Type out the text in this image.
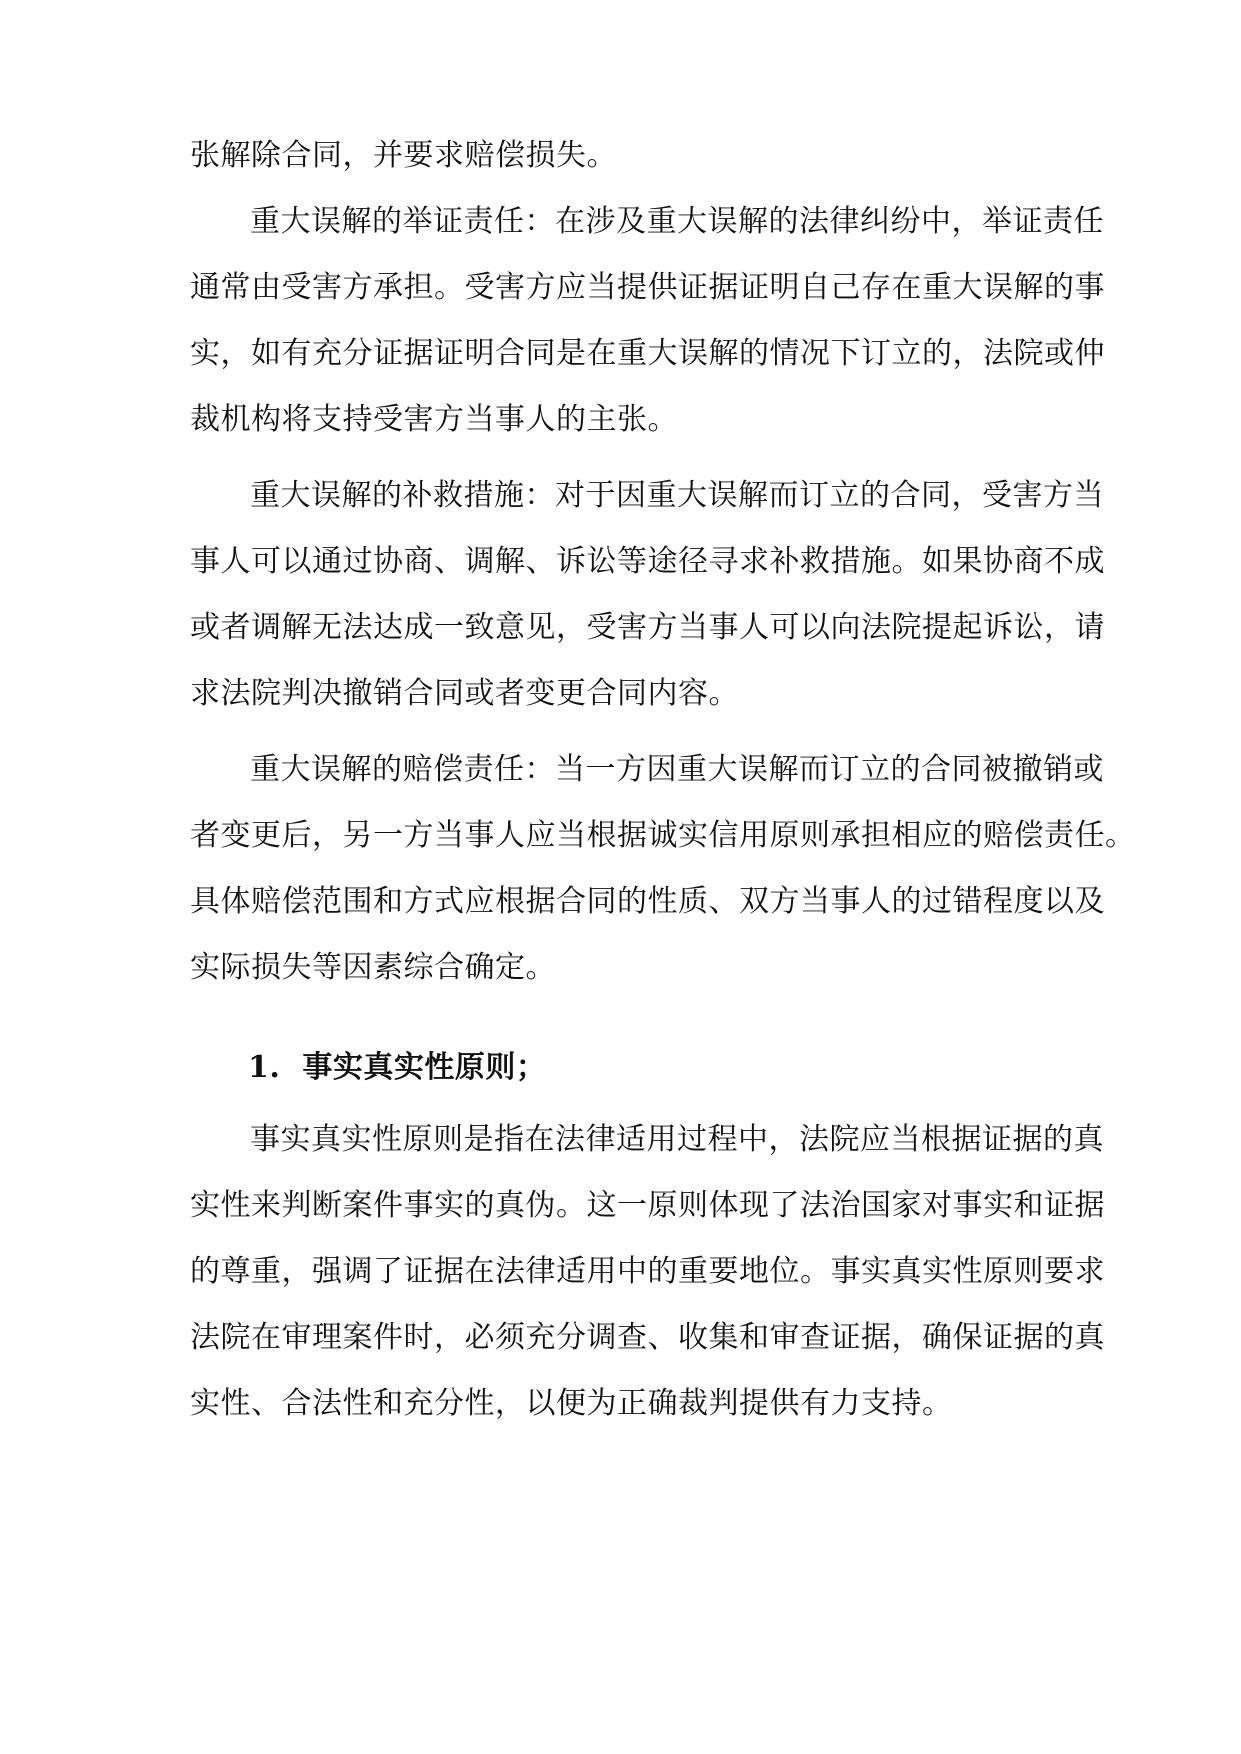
张解除合同，并要求赔偿损失。
重大误解的举证责任：在涉及重大误解的法律纠纷中，举证责任
通常由受害方承担。受害方应当提供证据证明自己存在重大误解的事
实，如有充分证据证明合同是在重大误解的情况下订立的，法院或仲
裁机构将支持受害方当事人的主张。
重大误解的补救措施：对于因重大误解而订立的合同，受害方当
事人可以通过协商、调解、诉讼等途径寻求补救措施。如果协商不成
或者调解无法达成一致意见，受害方当事人可以向法院提起诉讼，请
求法院判决撤销合同或者变更合同内容。
重大误解的赔偿责任：当一方因重大误解而订立的合同被撤销或
者变更后，另一方当事人应当根据诚实信用原则承担相应的赔偿责任。
具体赔偿范围和方式应根据合同的性质、双方当事人的过错程度以及
实际损失等因素综合确定。
1. 事实真实性原则；
事实真实性原则是指在法律适用过程中，法院应当根据证据的真
实性来判断案件事实的真伪。这一原则体现了法治国家对事实和证据
的尊重，强调了证据在法律适用中的重要地位。事实真实性原则要求
法院在审理案件时，必须充分调查、收集和审查证据，确保证据的真
实性、合法性和充分性，以便为正确裁判提供有力支持。
